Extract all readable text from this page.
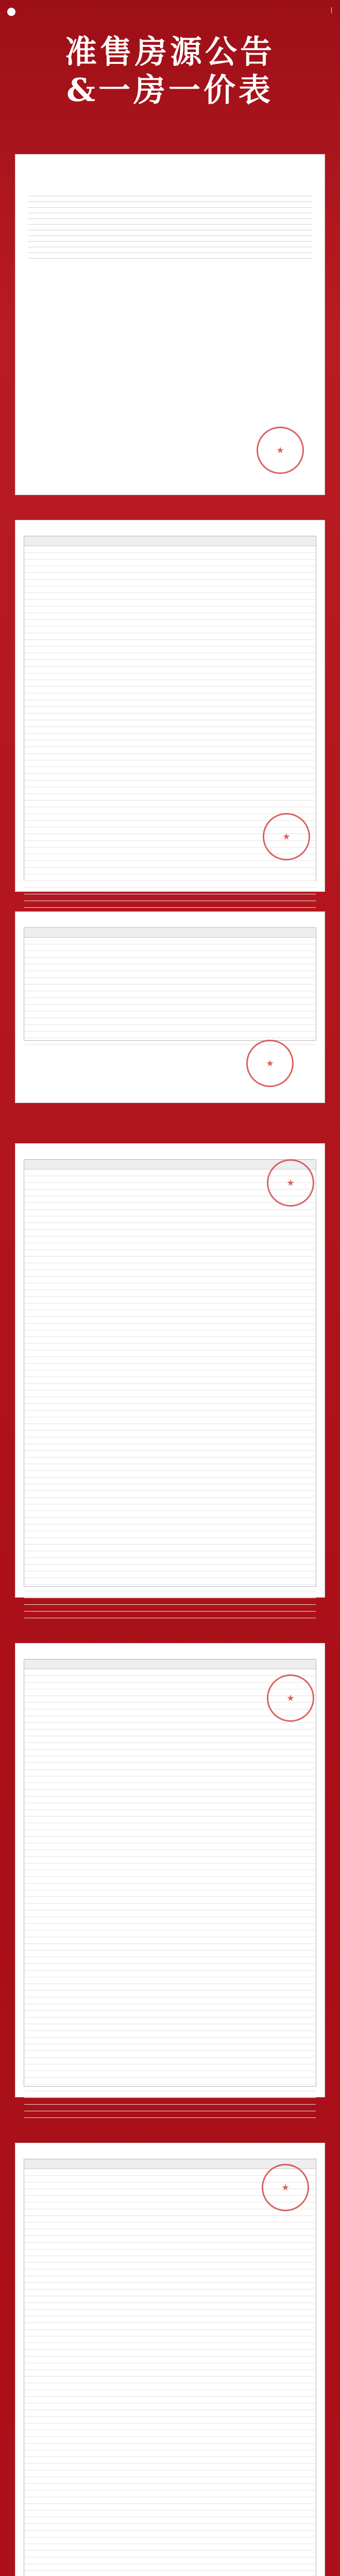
准售房源公告
&一房一价表
